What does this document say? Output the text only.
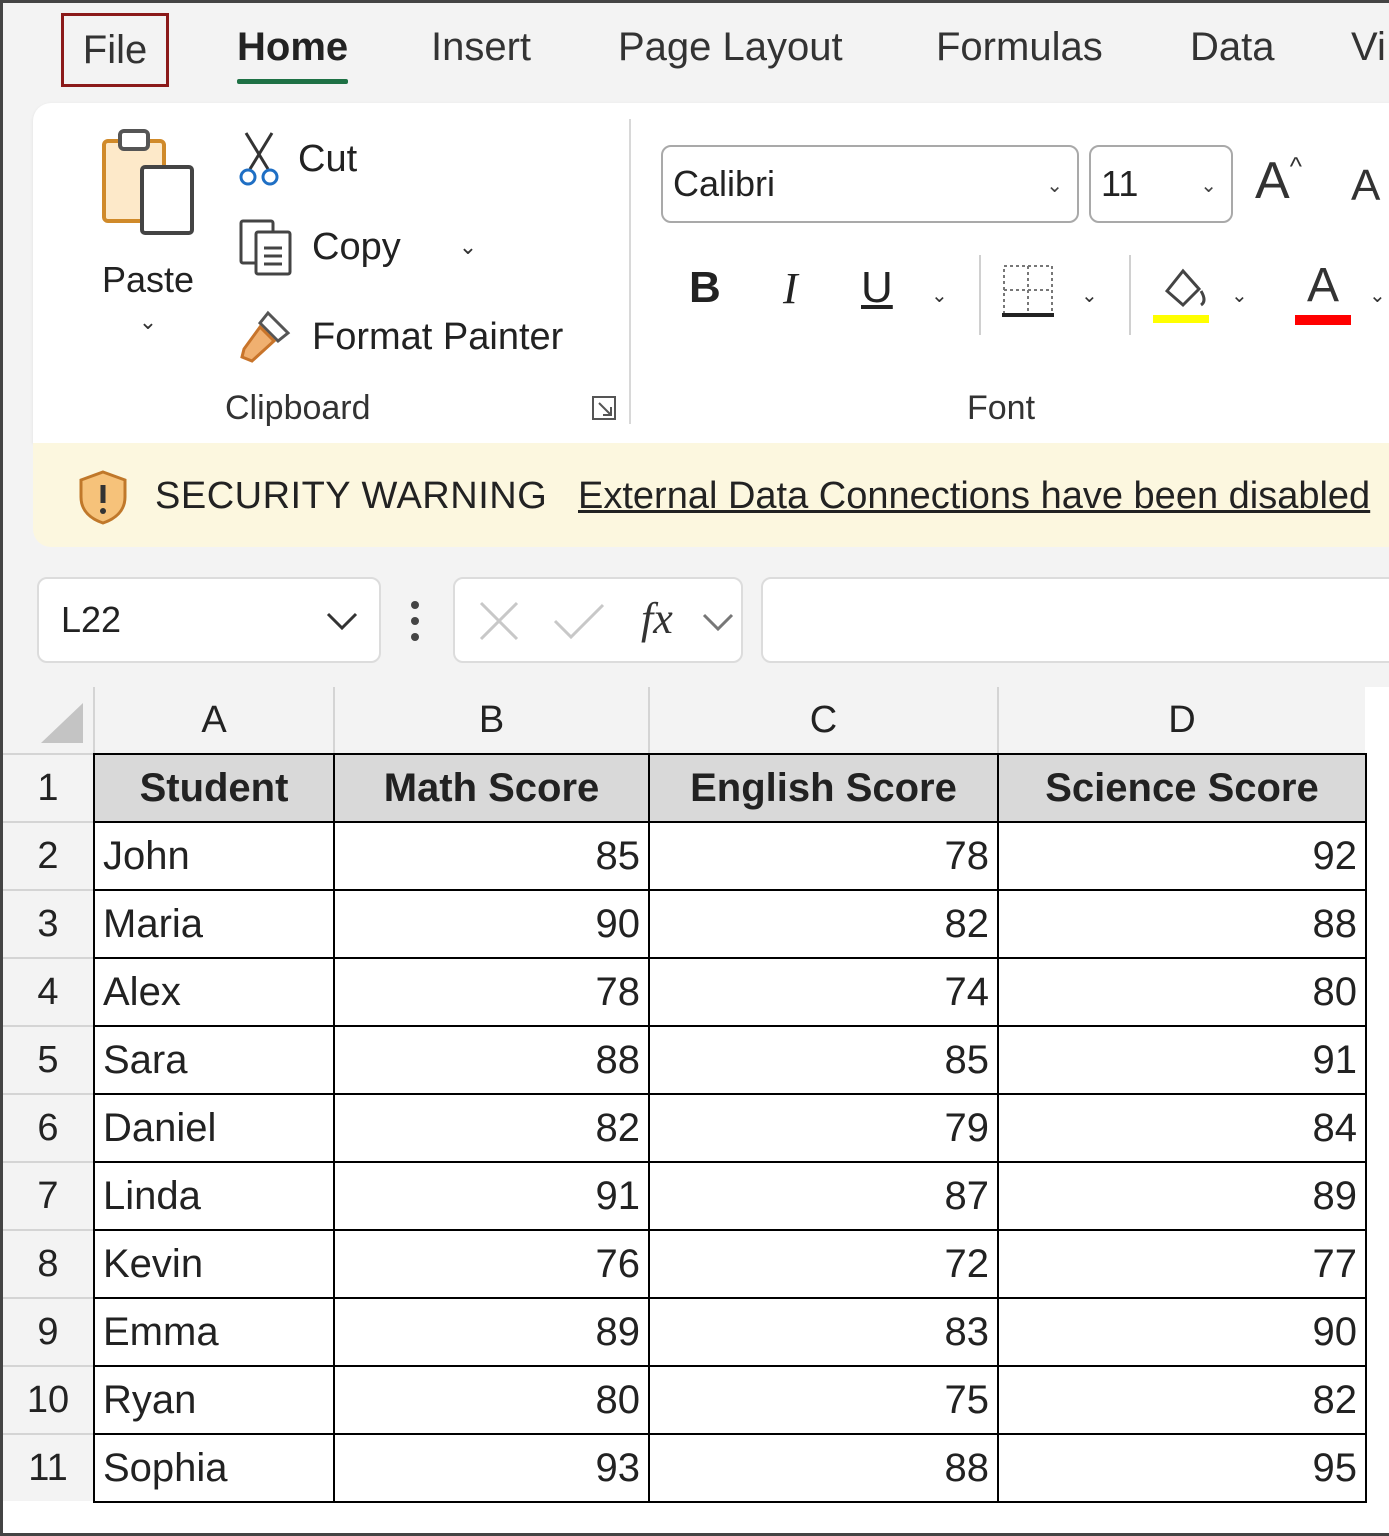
File	Home Insert Page Layout Formulas Data Vi
Paste
⌄
Cut
Copy	⌄
Format Painter
Clipboard
Calibri	⌄ 11	⌄ A^ A
B I U ⌄	⌄	⌄ A ⌄
Font
SECURITY WARNING External Data Connections have been disabled
L22	fx
A	B	C	D
1
2
3
4
5
6
7
8
9
10
11
Student	Math Score	English Score	Science Score
John	85	78	92
Maria	90	82	88
Alex	78	74	80
Sara	88	85	91
Daniel	82	79	84
Linda	91	87	89
Kevin	76	72	77
Emma	89	83	90
Ryan	80	75	82
Sophia	93	88	95
